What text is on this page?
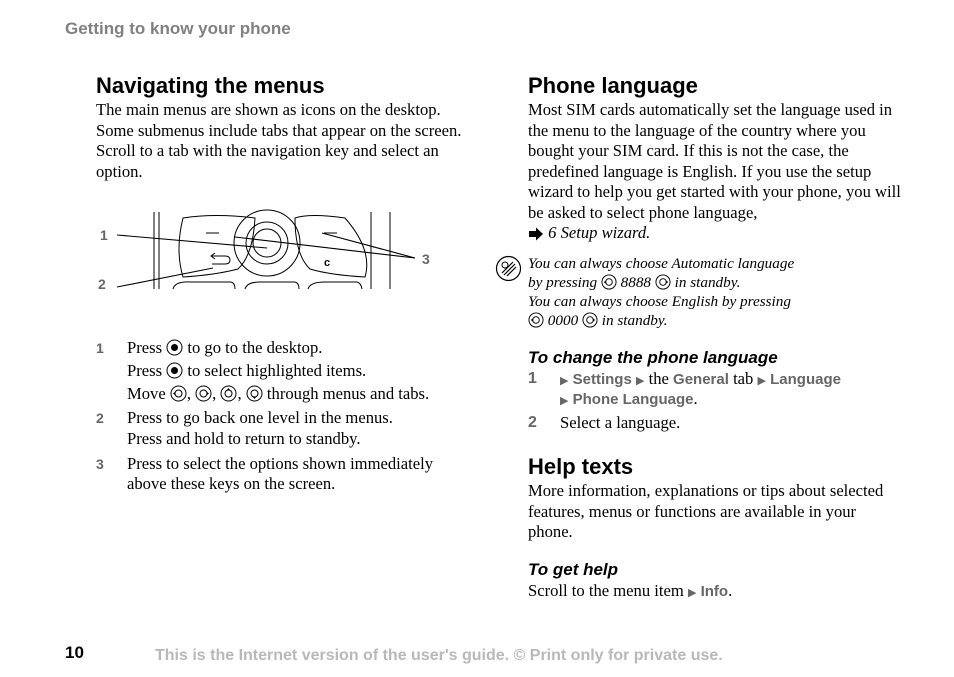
Getting to know your phone
Navigating the menus
The main menus are shown as icons on the desktop. Some submenus include tabs that appear on the screen. Scroll to a tab with the navigation key and select an option.
1
2
3
c
1 Press to go to the desktop.
Press to select highlighted items.
Move , , ,  through menus and tabs.
2 Press to go back one level in the menus.
Press and hold to return to standby.
3 Press to select the options shown immediately
above these keys on the screen.
Phone language
Most SIM cards automatically set the language used in the menu to the language of the country where you bought your SIM card. If this is not the case, the predefined language is English. If you use the setup wizard to help you get started with your phone, you will be asked to select phone language,
6 Setup wizard.
You can always choose Automatic language
by pressing 8888 in standby.
You can always choose English by pressing
0000 in standby.
To change the phone language
1 ▶ Settings ▶ the General tab ▶ Language
▶ Phone Language.
2 Select a language.
Help texts
More information, explanations or tips about selected features, menus or functions are available in your phone.
To get help
Scroll to the menu item ▶ Info.
10	This is the Internet version of the user's guide. © Print only for private use.
